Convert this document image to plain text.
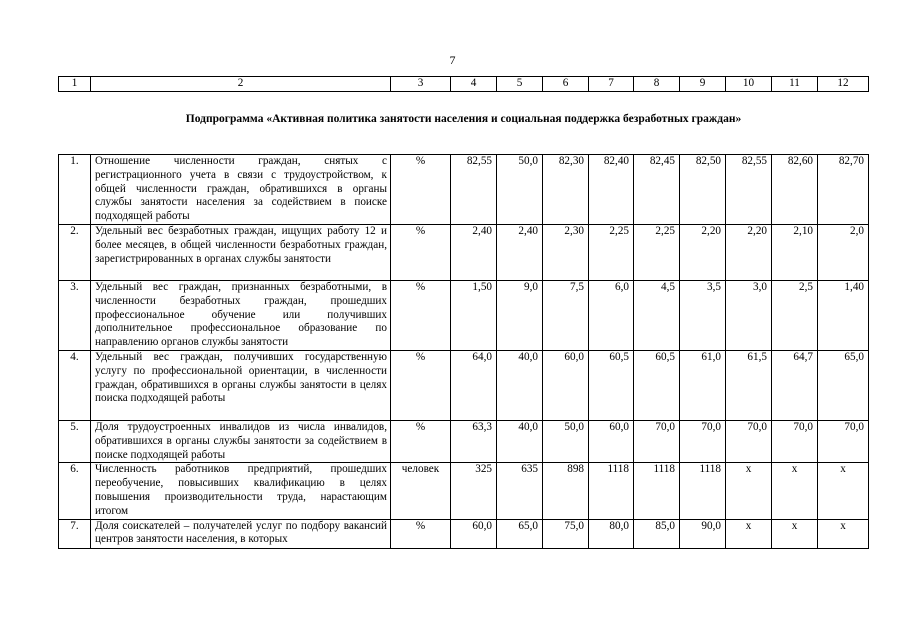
7
1	2	3	4	5	6	7	8	9	10	11	12
Подпрограмма «Активная политика занятости населения и социальная поддержка безработных граждан»											
1.	Отношение численности граждан, снятых с регистрационного учета в связи с трудоустройством, к общей численности граждан, обратившихся в органы службы занятости населения за содействием в поиске подходящей работы	%	82,55	50,0	82,30	82,40	82,45	82,50	82,55	82,60	82,70
2.	Удельный вес безработных граждан, ищущих работу 12 и более месяцев, в общей численности безработных граждан, зарегистрированных в органах службы занятости	%	2,40	2,40	2,30	2,25	2,25	2,20	2,20	2,10	2,0
3.	Удельный вес граждан, признанных безработными, в численности безработных граждан, прошедших профессиональное обучение или получивших дополнительное профессиональное образование по направлению органов службы занятости	%	1,50	9,0	7,5	6,0	4,5	3,5	3,0	2,5	1,40
4.	Удельный вес граждан, получивших государственную услугу по профессиональной ориентации, в численности граждан, обратившихся в органы службы занятости в целях поиска подходящей работы	%	64,0	40,0	60,0	60,5	60,5	61,0	61,5	64,7	65,0
5.	Доля трудоустроенных инвалидов из числа инвалидов, обратившихся в органы службы занятости за содействием в поиске подходящей работы	%	63,3	40,0	50,0	60,0	70,0	70,0	70,0	70,0	70,0
6.	Численность работников предприятий, прошедших переобучение, повысивших квалификацию в целях повышения производительности труда, нарастающим итогом	человек	325	635	898	1118	1118	1118	х	х	х
7.	Доля соискателей – получателей услуг по подбору вакансий центров занятости населения, в которых	%	60,0	65,0	75,0	80,0	85,0	90,0	х	х	х
